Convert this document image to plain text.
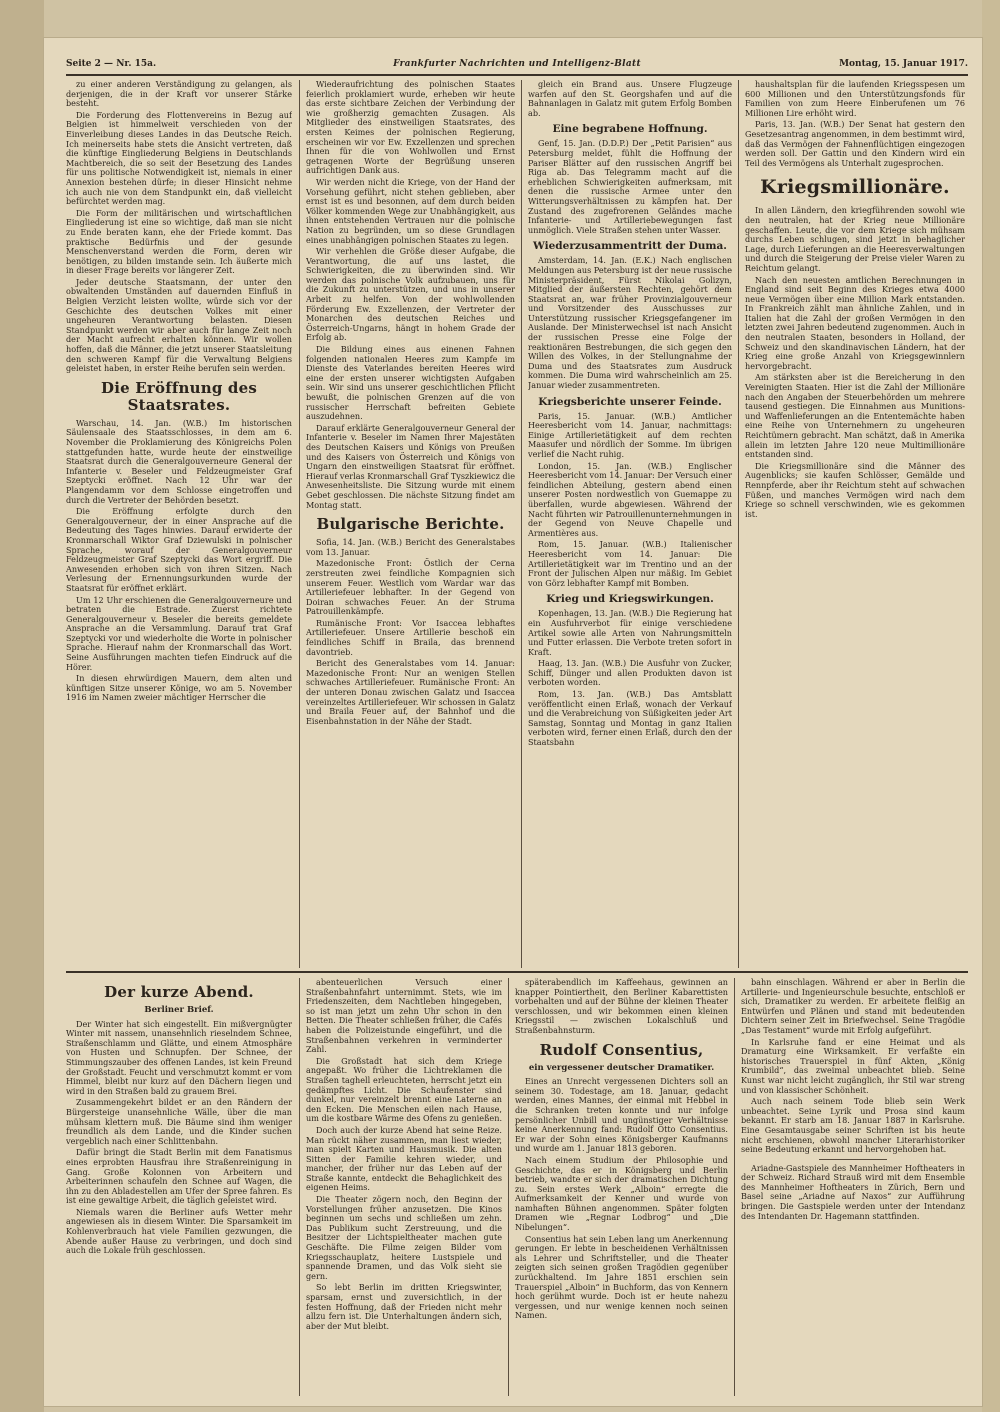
Seite 2 — Nr. 15a.	Frankfurter Nachrichten und Intelligenz-Blatt	Montag, 15. Januar 1917.

zu einer anderen Verständigung zu gelangen, als derjenigen, die in der Kraft vor unserer Stärke besteht.

Die Forderung des Flottenvereins in Bezug auf Belgien ist himmelweit verschieden von der Einverleibung dieses Landes in das Deutsche Reich. Ich meinerseits habe stets die Ansicht vertreten, daß die künftige Eingliederung Belgiens in Deutschlands Machtbereich, die so seit der Besetzung des Landes für uns politische Notwendigkeit ist, niemals in einer Annexion bestehen dürfe; in dieser Hinsicht nehme ich auch nie von dem Standpunkt ein, daß vielleicht befürchtet werden mag.

Die Form der militärischen und wirtschaftlichen Eingliederung ist eine so wichtige, daß man sie nicht zu Ende beraten kann, ehe der Friede kommt. Das praktische Bedürfnis und der gesunde Menschenverstand werden die Form, deren wir benötigen, zu bilden imstande sein. Ich äußerte mich in dieser Frage bereits vor längerer Zeit.

Jeder deutsche Staatsmann, der unter den obwaltenden Umständen auf dauernden Einfluß in Belgien Verzicht leisten wollte, würde sich vor der Geschichte des deutschen Volkes mit einer ungeheuren Verantwortung belasten. Diesen Standpunkt werden wir aber auch für lange Zeit noch der Macht aufrecht erhalten können. Wir wollen hoffen, daß die Männer, die jetzt unserer Staatsleitung den schweren Kampf für die Verwaltung Belgiens geleistet haben, in erster Reihe berufen sein werden.

Die Eröffnung des Staatsrates.

Warschau, 14. Jan. (W.B.) Im historischen Säulensaale des Staatsschlosses, in dem am 6. November die Proklamierung des Königreichs Polen stattgefunden hatte, wurde heute der einstweilige Staatsrat durch die Generalgouverneure General der Infanterie v. Beseler und Feldzeugmeister Graf Szeptycki eröffnet. Nach 12 Uhr war der Plangendamm vor dem Schlosse eingetroffen und durch die Vertreter der Behörden besetzt.

Die Eröffnung erfolgte durch den Generalgouverneur, der in einer Ansprache auf die Bedeutung des Tages hinwies. Darauf erwiderte der Kronmarschall Wiktor Graf Dziewulski in polnischer Sprache, worauf der Generalgouverneur Feldzeugmeister Graf Szeptycki das Wort ergriff. Die Anwesenden erhoben sich von ihren Sitzen. Nach Verlesung der Ernennungsurkunden wurde der Staatsrat für eröffnet erklärt.

Um 12 Uhr erschienen die Generalgouverneure und betraten die Estrade. Zuerst richtete Generalgouverneur v. Beseler die bereits gemeldete Ansprache an die Versammlung. Darauf trat Graf Szeptycki vor und wiederholte die Worte in polnischer Sprache. Hierauf nahm der Kronmarschall das Wort. Seine Ausführungen machten tiefen Eindruck auf die Hörer.

In diesen ehrwürdigen Mauern, dem alten und künftigen Sitze unserer Könige, wo am 5. November 1916 im Namen zweier mächtiger Herrscher die

Wiederaufrichtung des polnischen Staates feierlich proklamiert wurde, erheben wir heute das erste sichtbare Zeichen der Verbindung der wie großherzig gemachten Zusagen. Als Mitglieder des einstweiligen Staatsrates, des ersten Keimes der polnischen Regierung, erscheinen wir vor Ew. Exzellenzen und sprechen Ihnen für die von Wohlwollen und Ernst getragenen Worte der Begrüßung unseren aufrichtigen Dank aus.

Wir werden nicht die Kriege, von der Hand der Vorsehung geführt, nicht stehen geblieben, aber ernst ist es und besonnen, auf dem durch beiden Völker kommenden Wege zur Unabhängigkeit, aus ihnen entstehenden Vertrauen nur die polnische Nation zu begründen, um so diese Grundlagen eines unabhängigen polnischen Staates zu legen.

Wir verhehlen die Größe dieser Aufgabe, die Verantwortung, die auf uns lastet, die Schwierigkeiten, die zu überwinden sind. Wir werden das polnische Volk aufzubauen, uns für die Zukunft zu unterstützen, und uns in unserer Arbeit zu helfen. Von der wohlwollenden Förderung Ew. Exzellenzen, der Vertreter der Monarchen des deutschen Reiches und Österreich-Ungarns, hängt in hohem Grade der Erfolg ab.

Die Bildung eines aus einenen Fahnen folgenden nationalen Heeres zum Kampfe im Dienste des Vaterlandes bereiten Heeres wird eine der ersten unserer wichtigsten Aufgaben sein. Wir sind uns unserer geschichtlichen Pflicht bewußt, die polnischen Grenzen auf die von russischer Herrschaft befreiten Gebiete auszudehnen.

Darauf erklärte Generalgouverneur General der Infanterie v. Beseler im Namen Ihrer Majestäten des Deutschen Kaisers und Königs von Preußen und des Kaisers von Österreich und Königs von Ungarn den einstweiligen Staatsrat für eröffnet. Hierauf verlas Kronmarschall Graf Tyszkiewicz die Anwesenheitsliste. Die Sitzung wurde mit einem Gebet geschlossen. Die nächste Sitzung findet am Montag statt.

Bulgarische Berichte.

Sofia, 14. Jan. (W.B.) Bericht des Generalstabes vom 13. Januar.

Mazedonische Front: Östlich der Cerna zerstreuten zwei feindliche Kompagnien sich unserem Feuer. Westlich vom Wardar war das Artilleriefeuer lebhafter. In der Gegend von Doiran schwaches Feuer. An der Struma Patrouillenkämpfe.

Rumänische Front: Vor Isaccea lebhaftes Artilleriefeuer. Unsere Artillerie beschoß ein feindliches Schiff in Braila, das brennend davontrieb.

Bericht des Generalstabes vom 14. Januar: Mazedonische Front: Nur an wenigen Stellen schwaches Artilleriefeuer. Rumänische Front: An der unteren Donau zwischen Galatz und Isaccea vereinzeltes Artilleriefeuer. Wir schossen in Galatz und Braila Feuer auf, der Bahnhof und die Eisenbahnstation in der Nähe der Stadt.

gleich ein Brand aus. Unsere Flugzeuge warfen auf den St. Georgshafen und auf die Bahnanlagen in Galatz mit gutem Erfolg Bomben ab.

Eine begrabene Hoffnung.

Genf, 15. Jan. (D.D.P.) Der „Petit Parisien“ aus Petersburg meldet, fühlt die Hoffnung der Pariser Blätter auf den russischen Angriff bei Riga ab. Das Telegramm macht auf die erheblichen Schwierigkeiten aufmerksam, mit denen die russische Armee unter den Witterungsverhältnissen zu kämpfen hat. Der Zustand des zugefrorenen Geländes mache Infanterie- und Artilleriebewegungen fast unmöglich. Viele Straßen stehen unter Wasser.

Wiederzusammentritt der Duma.

Amsterdam, 14. Jan. (E.K.) Nach englischen Meldungen aus Petersburg ist der neue russische Ministerpräsident, Fürst Nikolai Golizyn, Mitglied der äußersten Rechten, gehört dem Staatsrat an, war früher Provinzialgouverneur und Vorsitzender des Ausschusses zur Unterstützung russischer Kriegsgefangener im Auslande. Der Ministerwechsel ist nach Ansicht der russischen Presse eine Folge der reaktionären Bestrebungen, die sich gegen den Willen des Volkes, in der Stellungnahme der Duma und des Staatsrates zum Ausdruck kommen. Die Duma wird wahrscheinlich am 25. Januar wieder zusammentreten.

Kriegsberichte unserer Feinde.

Paris, 15. Januar. (W.B.) Amtlicher Heeresbericht vom 14. Januar, nachmittags: Einige Artillerietätigkeit auf dem rechten Maasufer und nördlich der Somme. Im übrigen verlief die Nacht ruhig.

London, 15. Jan. (W.B.) Englischer Heeresbericht vom 14. Januar: Der Versuch einer feindlichen Abteilung, gestern abend einen unserer Posten nordwestlich von Guemappe zu überfallen, wurde abgewiesen. Während der Nacht führten wir Patrouillenunternehmungen in der Gegend von Neuve Chapelle und Armentières aus.

Rom, 15. Januar. (W.B.) Italienischer Heeresbericht vom 14. Januar: Die Artillerietätigkeit war im Trentino und an der Front der Julischen Alpen nur mäßig. Im Gebiet von Görz lebhafter Kampf mit Bomben.

Krieg und Kriegswirkungen.

Kopenhagen, 13. Jan. (W.B.) Die Regierung hat ein Ausfuhrverbot für einige verschiedene Artikel sowie alle Arten von Nahrungsmitteln und Futter erlassen. Die Verbote treten sofort in Kraft.

Haag, 13. Jan. (W.B.) Die Ausfuhr von Zucker, Schiff, Dünger und allen Produkten davon ist verboten worden.

Rom, 13. Jan. (W.B.) Das Amtsblatt veröffentlicht einen Erlaß, wonach der Verkauf und die Verabreichung von Süßigkeiten jeder Art Samstag, Sonntag und Montag in ganz Italien verboten wird, ferner einen Erlaß, durch den der Staatsbahn

haushaltsplan für die laufenden Kriegsspesen um 600 Millionen und den Unterstützungsfonds für Familien von zum Heere Einberufenen um 76 Millionen Lire erhöht wird.

Paris, 13. Jan. (W.B.) Der Senat hat gestern den Gesetzesantrag angenommen, in dem bestimmt wird, daß das Vermögen der Fahnenflüchtigen eingezogen werden soll. Der Gattin und den Kindern wird ein Teil des Vermögens als Unterhalt zugesprochen.

Kriegsmillionäre.

In allen Ländern, den kriegführenden sowohl wie den neutralen, hat der Krieg neue Millionäre geschaffen. Leute, die vor dem Kriege sich mühsam durchs Leben schlugen, sind jetzt in behaglicher Lage, durch Lieferungen an die Heeresverwaltungen und durch die Steigerung der Preise vieler Waren zu Reichtum gelangt.

Nach den neuesten amtlichen Berechnungen in England sind seit Beginn des Krieges etwa 4000 neue Vermögen über eine Million Mark entstanden. In Frankreich zählt man ähnliche Zahlen, und in Italien hat die Zahl der großen Vermögen in den letzten zwei Jahren bedeutend zugenommen. Auch in den neutralen Staaten, besonders in Holland, der Schweiz und den skandinavischen Ländern, hat der Krieg eine große Anzahl von Kriegsgewinnlern hervorgebracht.

Am stärksten aber ist die Bereicherung in den Vereinigten Staaten. Hier ist die Zahl der Millionäre nach den Angaben der Steuerbehörden um mehrere tausend gestiegen. Die Einnahmen aus Munitions- und Waffenlieferungen an die Ententemächte haben eine Reihe von Unternehmern zu ungeheuren Reichtümern gebracht. Man schätzt, daß in Amerika allein im letzten Jahre 120 neue Multimillionäre entstanden sind.

Die Kriegsmillionäre sind die Männer des Augenblicks; sie kaufen Schlösser, Gemälde und Rennpferde, aber ihr Reichtum steht auf schwachen Füßen, und manches Vermögen wird nach dem Kriege so schnell verschwinden, wie es gekommen ist.

Der kurze Abend.
Berliner Brief.

Der Winter hat sich eingestellt. Ein mißvergnügter Winter mit nassem, unansehnlich rieselndem Schnee, Straßenschlamm und Glätte, und einem Atmosphäre von Husten und Schnupfen. Der Schnee, der Stimmungszauber des offenen Landes, ist kein Freund der Großstadt. Feucht und verschmutzt kommt er vom Himmel, bleibt nur kurz auf den Dächern liegen und wird in den Straßen bald zu grauem Brei.

Zusammengekehrt bildet er an den Rändern der Bürgersteige unansehnliche Wälle, über die man mühsam klettern muß. Die Bäume sind ihm weniger freundlich als dem Lande, und die Kinder suchen vergeblich nach einer Schlittenbahn.

Dafür bringt die Stadt Berlin mit dem Fanatismus eines erprobten Hausfrau ihre Straßenreinigung in Gang. Große Kolonnen von Arbeitern und Arbeiterinnen schaufeln den Schnee auf Wagen, die ihn zu den Abladestellen am Ufer der Spree fahren. Es ist eine gewaltige Arbeit, die täglich geleistet wird.

Niemals waren die Berliner aufs Wetter mehr angewiesen als in diesem Winter. Die Sparsamkeit im Kohlenverbrauch hat viele Familien gezwungen, die Abende außer Hause zu verbringen, und doch sind auch die Lokale früh geschlossen.

abenteuerlichen Versuch einer Straßenbahnfahrt unternimmt. Stets, wie im Friedenszeiten, dem Nachtleben hingegeben, so ist man jetzt um zehn Uhr schon in den Betten. Die Theater schließen früher, die Cafés haben die Polizeistunde eingeführt, und die Straßenbahnen verkehren in verminderter Zahl.

Die Großstadt hat sich dem Kriege angepaßt. Wo früher die Lichtreklamen die Straßen taghell erleuchteten, herrscht jetzt ein gedämpftes Licht. Die Schaufenster sind dunkel, nur vereinzelt brennt eine Laterne an den Ecken. Die Menschen eilen nach Hause, um die kostbare Wärme des Ofens zu genießen.

Doch auch der kurze Abend hat seine Reize. Man rückt näher zusammen, man liest wieder, man spielt Karten und Hausmusik. Die alten Sitten der Familie kehren wieder, und mancher, der früher nur das Leben auf der Straße kannte, entdeckt die Behaglichkeit des eigenen Heims.

Die Theater zögern noch, den Beginn der Vorstellungen früher anzusetzen. Die Kinos beginnen um sechs und schließen um zehn. Das Publikum sucht Zerstreuung, und die Besitzer der Lichtspieltheater machen gute Geschäfte. Die Filme zeigen Bilder vom Kriegsschauplatz, heitere Lustspiele und spannende Dramen, und das Volk sieht sie gern.

So lebt Berlin im dritten Kriegswinter, sparsam, ernst und zuversichtlich, in der festen Hoffnung, daß der Frieden nicht mehr allzu fern ist. Die Unterhaltungen ändern sich, aber der Mut bleibt.

späterabendlich im Kaffeehaus, gewinnen an knapper Pointiertheit, den Berliner Kabarettisten vorbehalten und auf der Bühne der kleinen Theater verschlossen, und wir bekommen einen kleinen Kriegsstil — zwischen Lokalschluß und Straßenbahnsturm.

Rudolf Consentius,
ein vergessener deutscher Dramatiker.

Eines an Unrecht vergessenen Dichters soll an seinem 30. Todestage, am 18. Januar, gedacht werden, eines Mannes, der einmal mit Hebbel in die Schranken treten konnte und nur infolge persönlicher Unbill und ungünstiger Verhältnisse keine Anerkennung fand: Rudolf Otto Consentius. Er war der Sohn eines Königsberger Kaufmanns und wurde am 1. Januar 1813 geboren.

Nach einem Studium der Philosophie und Geschichte, das er in Königsberg und Berlin betrieb, wandte er sich der dramatischen Dichtung zu. Sein erstes Werk „Alboin“ erregte die Aufmerksamkeit der Kenner und wurde von namhaften Bühnen angenommen. Später folgten Dramen wie „Regnar Lodbrog“ und „Die Nibelungen“.

Consentius hat sein Leben lang um Anerkennung gerungen. Er lebte in bescheidenen Verhältnissen als Lehrer und Schriftsteller, und die Theater zeigten sich seinen großen Tragödien gegenüber zurückhaltend. Im Jahre 1851 erschien sein Trauerspiel „Alboin“ in Buchform, das von Kennern hoch gerühmt wurde. Doch ist er heute nahezu vergessen, und nur wenige kennen noch seinen Namen.

bahn einschlagen. Während er aber in Berlin die Artillerie- und Ingenieurschule besuchte, entschloß er sich, Dramatiker zu werden. Er arbeitete fleißig an Entwürfen und Plänen und stand mit bedeutenden Dichtern seiner Zeit im Briefwechsel. Seine Tragödie „Das Testament“ wurde mit Erfolg aufgeführt.

In Karlsruhe fand er eine Heimat und als Dramaturg eine Wirksamkeit. Er verfaßte ein historisches Trauerspiel in fünf Akten, „König Krumbild“, das zweimal unbeachtet blieb. Seine Kunst war nicht leicht zugänglich, ihr Stil war streng und von klassischer Schönheit.

Auch nach seinem Tode blieb sein Werk unbeachtet. Seine Lyrik und Prosa sind kaum bekannt. Er starb am 18. Januar 1887 in Karlsruhe. Eine Gesamtausgabe seiner Schriften ist bis heute nicht erschienen, obwohl mancher Literarhistoriker seine Bedeutung erkannt und hervorgehoben hat.

Ariadne-Gastspiele des Mannheimer Hoftheaters in der Schweiz. Richard Strauß wird mit dem Ensemble des Mannheimer Hoftheaters in Zürich, Bern und Basel seine „Ariadne auf Naxos“ zur Aufführung bringen. Die Gastspiele werden unter der Intendanz des Intendanten Dr. Hagemann stattfinden.
